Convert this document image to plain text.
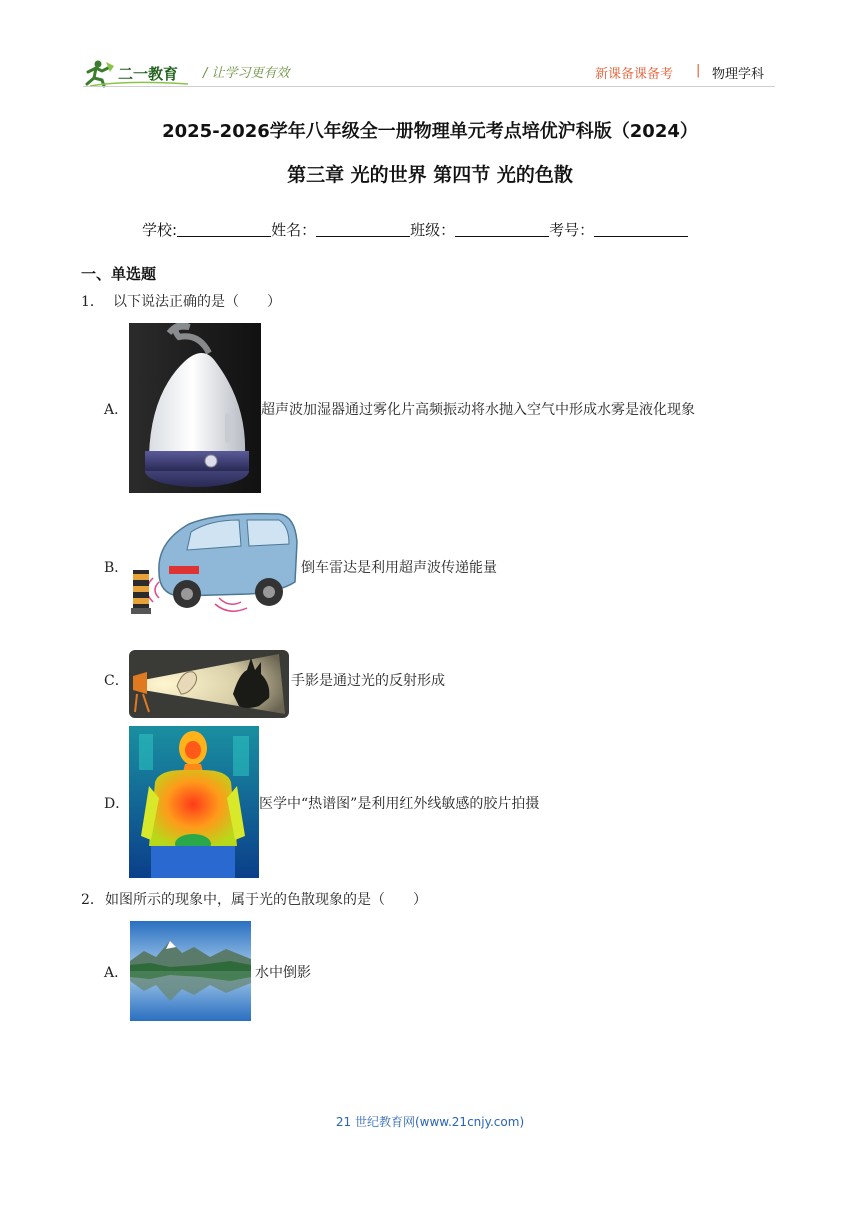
二一教育 / 让学习更有效	新课备课备考 | 物理学科
2025-2026学年八年级全一册物理单元考点培优沪科版（2024）
第三章 光的世界 第四节 光的色散
学校:	姓名：	班级：	考号：
一、单选题
1． 以下说法正确的是（　　）
A．	超声波加湿器通过雾化片高频振动将水抛入空气中形成水雾是液化现象
B．	倒车雷达是利用超声波传递能量
C．	手影是通过光的反射形成
D．	医学中“热谱图”是利用红外线敏感的胶片拍摄
2． 如图所示的现象中，属于光的色散现象的是（　　）
A．	水中倒影
21 世纪教育网(www.21cnjy.com)
